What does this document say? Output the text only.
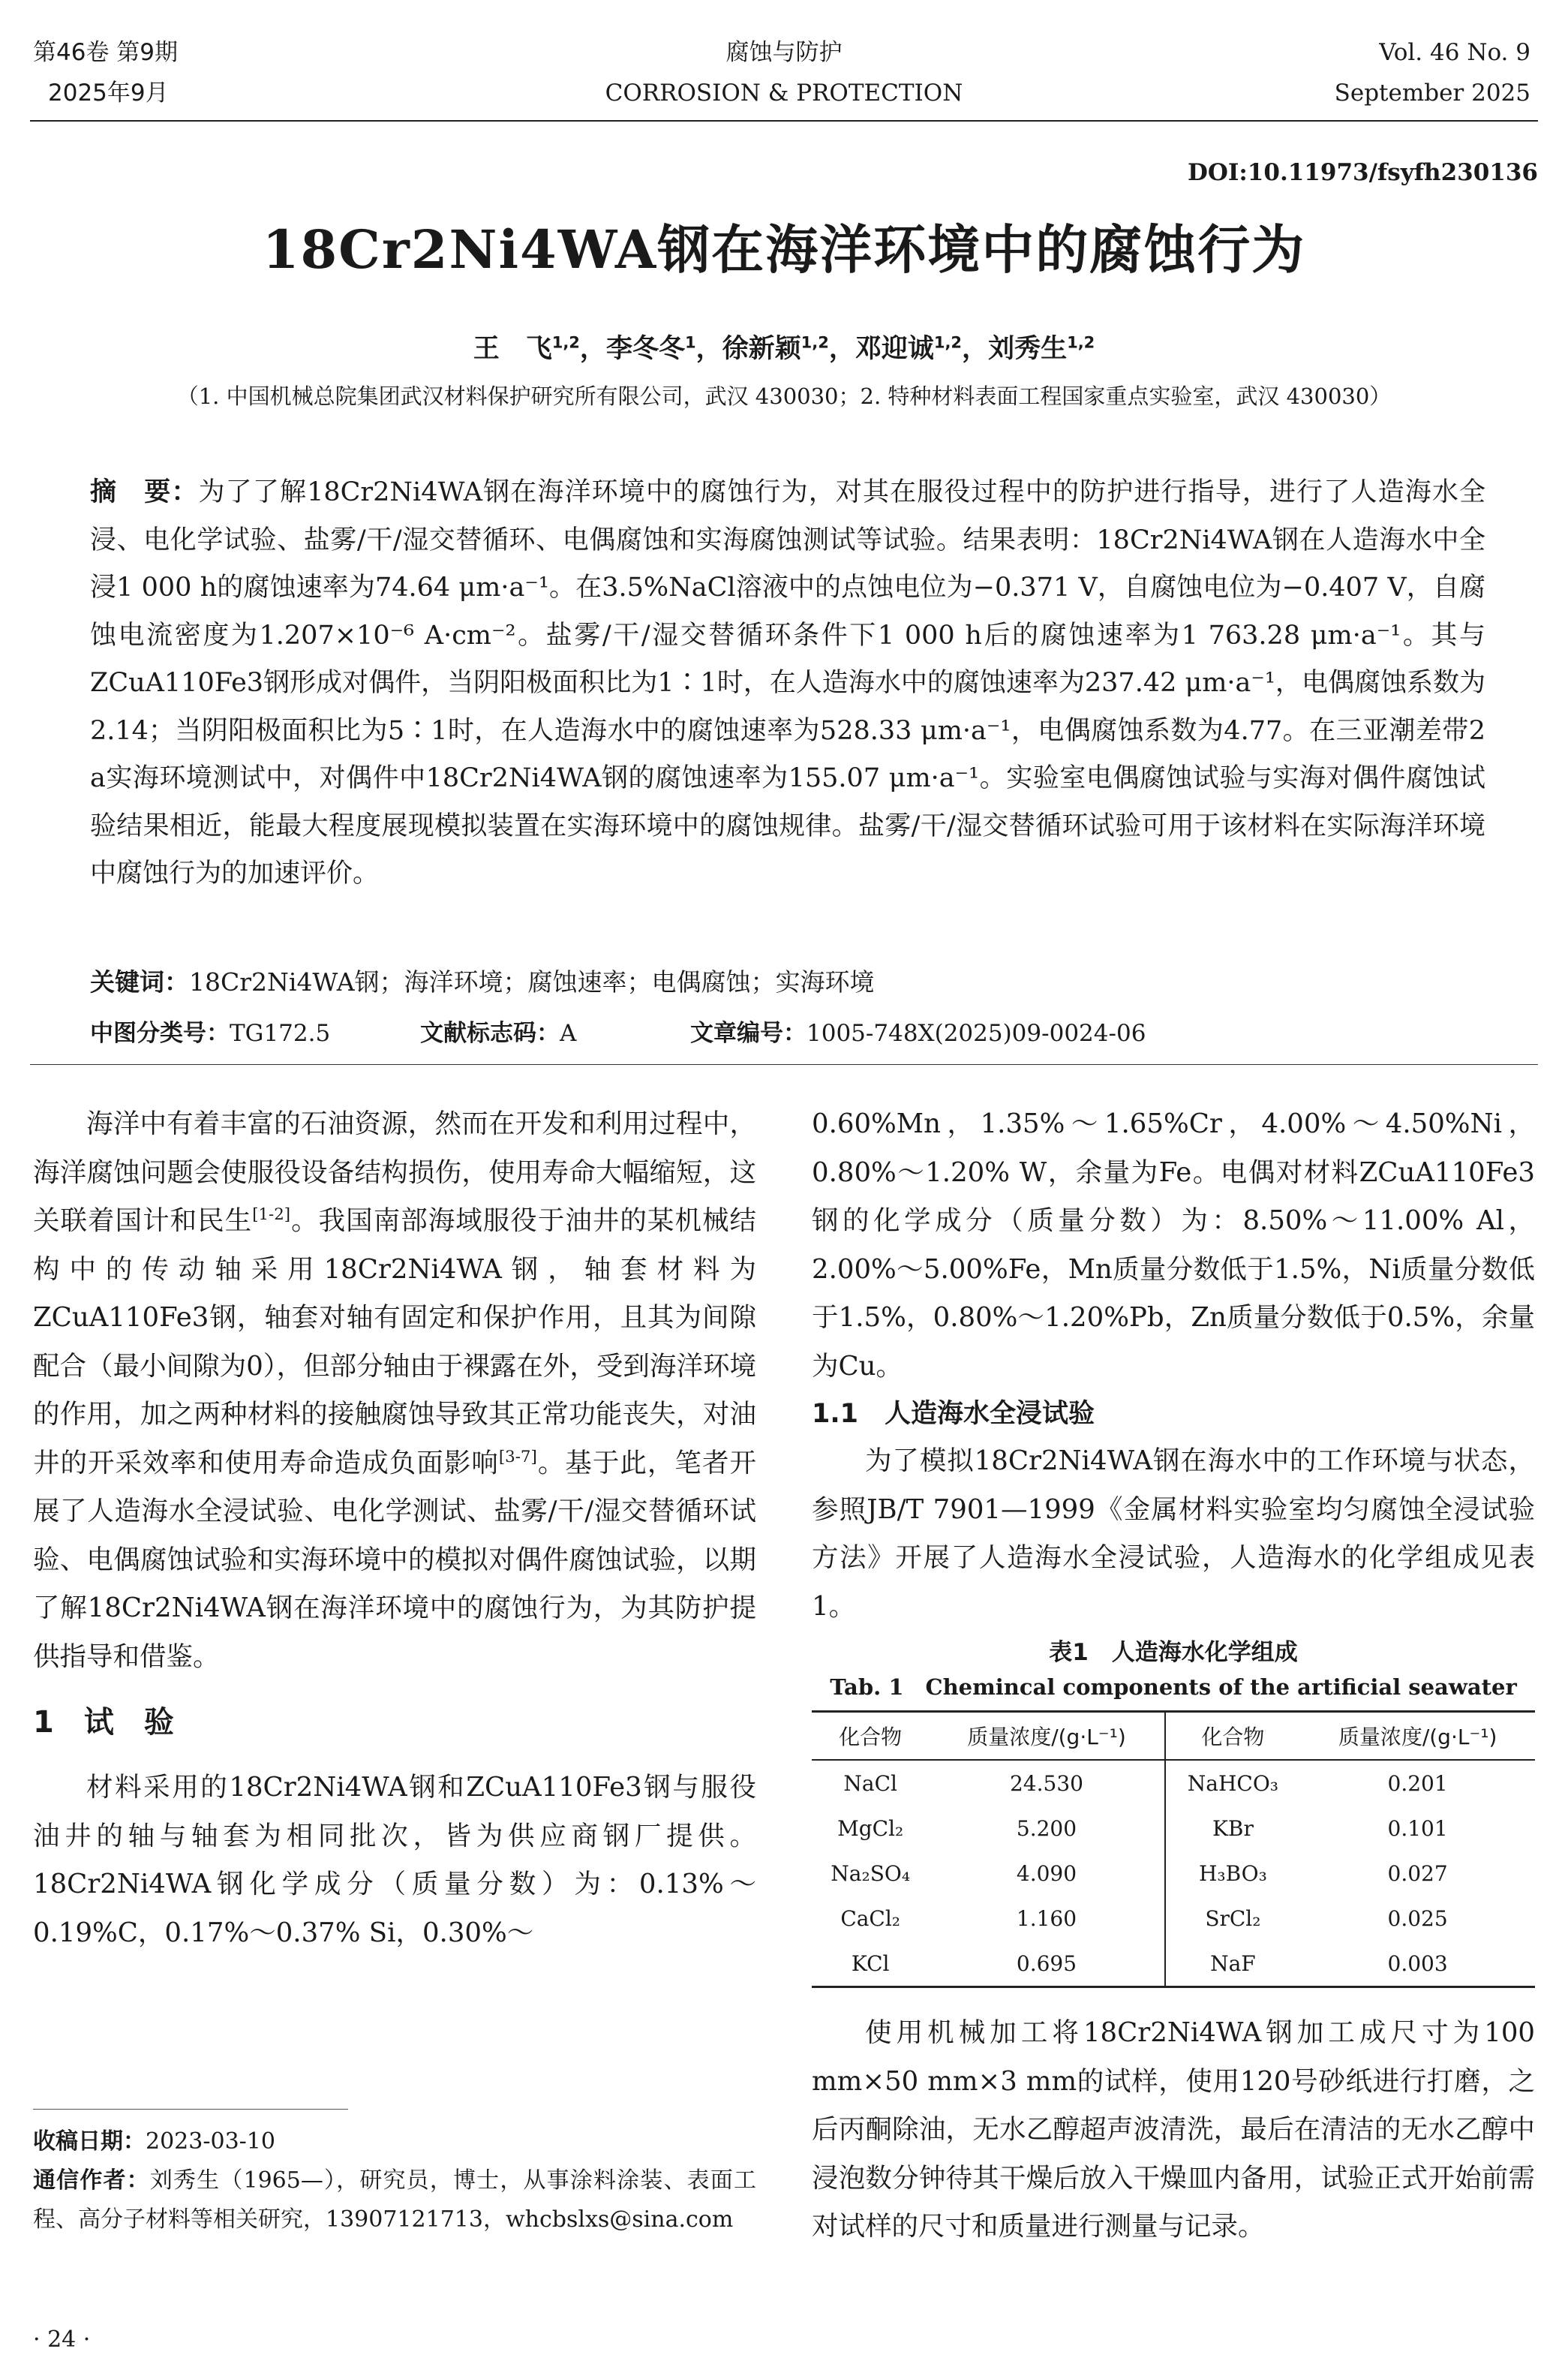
第46卷 第9期
2025年9月
腐蚀与防护
CORROSION & PROTECTION
Vol. 46 No. 9
September 2025
DOI:10.11973/fsyfh230136
18Cr2Ni4WA钢在海洋环境中的腐蚀行为
王　飞$^{1,2}$，李冬冬$^1$，徐新颖$^{1,2}$，邓迎诚$^{1,2}$，刘秀生$^{1,2}$
（1. 中国机械总院集团武汉材料保护研究所有限公司，武汉 430030；2. 特种材料表面工程国家重点实验室，武汉 430030）
摘　要：为了了解18Cr2Ni4WA钢在海洋环境中的腐蚀行为，对其在服役过程中的防护进行指导，进行了人造海水全浸、电化学试验、盐雾/干/湿交替循环、电偶腐蚀和实海腐蚀测试等试验。结果表明：18Cr2Ni4WA钢在人造海水中全浸1 000 h的腐蚀速率为74.64 μm·a⁻¹。在3.5%NaCl溶液中的点蚀电位为−0.371 V，自腐蚀电位为−0.407 V，自腐蚀电流密度为1.207×10⁻⁶ A·cm⁻²。盐雾/干/湿交替循环条件下1 000 h后的腐蚀速率为1 763.28 μm·a⁻¹。其与ZCuA110Fe3钢形成对偶件，当阴阳极面积比为1∶1时，在人造海水中的腐蚀速率为237.42 μm·a⁻¹，电偶腐蚀系数为2.14；当阴阳极面积比为5∶1时，在人造海水中的腐蚀速率为528.33 μm·a⁻¹，电偶腐蚀系数为4.77。在三亚潮差带2 a实海环境测试中，对偶件中18Cr2Ni4WA钢的腐蚀速率为155.07 μm·a⁻¹。实验室电偶腐蚀试验与实海对偶件腐蚀试验结果相近，能最大程度展现模拟装置在实海环境中的腐蚀规律。盐雾/干/湿交替循环试验可用于该材料在实际海洋环境中腐蚀行为的加速评价。
关键词：18Cr2Ni4WA钢；海洋环境；腐蚀速率；电偶腐蚀；实海环境
中图分类号：TG172.5	文献标志码：A	文章编号：1005-748X(2025)09-0024-06

海洋中有着丰富的石油资源，然而在开发和利用过程中，海洋腐蚀问题会使服役设备结构损伤，使用寿命大幅缩短，这关联着国计和民生[1-2]。我国南部海域服役于油井的某机械结构中的传动轴采用18Cr2Ni4WA钢，轴套材料为ZCuA110Fe3钢，轴套对轴有固定和保护作用，且其为间隙配合（最小间隙为0），但部分轴由于裸露在外，受到海洋环境的作用，加之两种材料的接触腐蚀导致其正常功能丧失，对油井的开采效率和使用寿命造成负面影响[3-7]。基于此，笔者开展了人造海水全浸试验、电化学测试、盐雾/干/湿交替循环试验、电偶腐蚀试验和实海环境中的模拟对偶件腐蚀试验，以期了解18Cr2Ni4WA钢在海洋环境中的腐蚀行为，为其防护提供指导和借鉴。

1　试　验

材料采用的18Cr2Ni4WA钢和ZCuA110Fe3钢与服役油井的轴与轴套为相同批次，皆为供应商钢厂提供。18Cr2Ni4WA钢化学成分（质量分数）为：0.13%～0.19%C，0.17%～0.37% Si，0.30%～

收稿日期：2023-03-10
通信作者：刘秀生（1965—），研究员，博士，从事涂料涂装、表面工程、高分子材料等相关研究，13907121713，whcbslxs@sina.com
· 24 ·

0.60%Mn，1.35%～1.65%Cr，4.00%～4.50%Ni，0.80%～1.20% W，余量为Fe。电偶对材料ZCuA110Fe3钢的化学成分（质量分数）为：8.50%～11.00% Al，2.00%～5.00%Fe，Mn质量分数低于1.5%，Ni质量分数低于1.5%，0.80%～1.20%Pb，Zn质量分数低于0.5%，余量为Cu。

1.1　人造海水全浸试验

为了模拟18Cr2Ni4WA钢在海水中的工作环境与状态，参照JB/T 7901—1999《金属材料实验室均匀腐蚀全浸试验方法》开展了人造海水全浸试验，人造海水的化学组成见表1。

表1　人造海水化学组成
Tab. 1　Chemincal components of the artificial seawater
化合物	质量浓度/(g·L⁻¹)	化合物	质量浓度/(g·L⁻¹)
NaCl	24.530	NaHCO₃	0.201
MgCl₂	5.200	KBr	0.101
Na₂SO₄	4.090	H₃BO₃	0.027
CaCl₂	1.160	SrCl₂	0.025
KCl	0.695	NaF	0.003

使用机械加工将18Cr2Ni4WA钢加工成尺寸为100 mm×50 mm×3 mm的试样，使用120号砂纸进行打磨，之后丙酮除油，无水乙醇超声波清洗，最后在清洁的无水乙醇中浸泡数分钟待其干燥后放入干燥皿内备用，试验正式开始前需对试样的尺寸和质量进行测量与记录。
